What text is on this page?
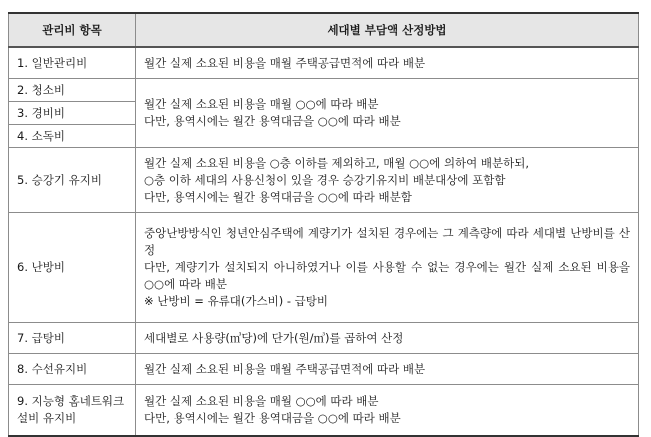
관리비 항목	세대별 부담액 산정방법
1. 일반관리비	월간 실제 소요된 비용을 매월 주택공급면적에 따라 배분

2. 청소비	월간 실제 소요된 비용을 매월 ○○에 따라 배분
다만, 용역시에는 월간 용역대금을 ○○에 따라 배분

3. 경비비	
4. 소독비	
5. 승강기 유지비	월간 실제 소요된 비용을 ○층 이하를 제외하고, 매월 ○○에 의하여 배분하되,
○층 이하 세대의 사용신청이 있을 경우 승강기유지비 배분대상에 포함함
다만, 용역시에는 월간 용역대금을 ○○에 따라 배분함

6. 난방비	중앙난방방식인 청년안심주택에 계량기가 설치된 경우에는 그 계측량에 따라 세대별 난방비를 산정
다만, 계량기가 설치되지 아니하였거나 이를 사용할 수 없는 경우에는 월간 실제 소요된 비용을 ○○에 따라 배분
※ 난방비 = 유류대(가스비) - 급탕비

7. 급탕비	세대별로 사용량(㎥당)에 단가(원/㎥)를 곱하여 산정

8. 수선유지비	월간 실제 소요된 비용을 매월 주택공급면적에 따라 배분

9. 지능형 홈네트워크 설비 유지비	월간 실제 소요된 비용을 매월 ○○에 따라 배분
다만, 용역시에는 월간 용역대금을 ○○에 따라 배분
